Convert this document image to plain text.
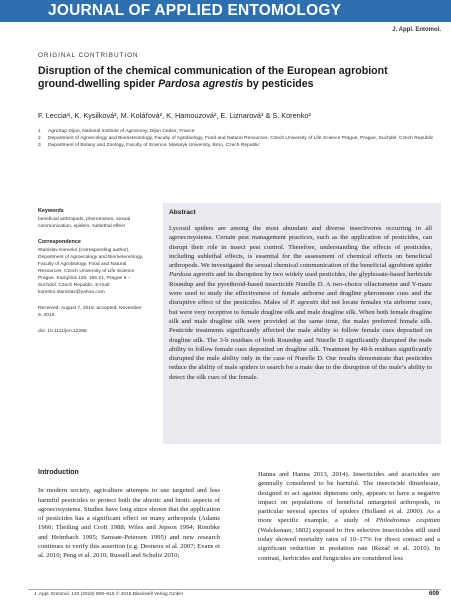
JOURNAL OF APPLIED ENTOMOLOGY
J. Appl. Entomol.
ORIGINAL CONTRIBUTION
Disruption of the chemical communication of the European agrobiont ground-dwelling spider Pardosa agrestis by pesticides
F. Leccia¹ʲ, K. Kysilková², M. Kolářová², K. Hamouzová², E. Liznarová³ & S. Korenko²
1	AgroSup Dijon, National Institute of Agronomy, Dijon Cedex, France
2	Department of Agroecology and Biometeorology, Faculty of Agrobiology, Food and Natural Resources, Czech University of Life Science Prague, Prague, Suchdol, Czech Republic
3	Department of Botany and Zoology, Faculty of Science, Masaryk University, Brno, Czech Republic
Keywords
beneficial arthropods, pheromones, sexual communication, spiders, sublethal effect
Correspondence
Stanislav Korenko (corresponding author), Department of Agroecology and Biometeorology, Faculty of Agrobiology, Food and Natural Resources, Czech University of Life Science Prague, Kamýcká 129, 165 21, Prague 6 – Suchdol, Czech Republic. E-mail: korenko.stanislav@yahoo.com
Received: August 7, 2015; accepted: November 9, 2015.
doi: 10.1111/jen.12288
Abstract
Lycosid spiders are among the most abundant and diverse insectivores occurring in all agroecosystems. Certain pest management practices, such as the application of pesticides, can disrupt their role in insect pest control. Therefore, understanding the effects of pesticides, including sublethal effects, is essential for the assessment of chemical effects on beneficial arthropods. We investigated the sexual chemical communication of the beneficial agrobiont spider Pardosa agrestis and its disruption by two widely used pesticides, the glyphosate-based herbicide Roundup and the pyrethroid-based insecticide Nurelle D. A two-choice olfactometer and Y-maze were used to study the effectiveness of female airborne and dragline pheromone cues and the disruptive effect of the pesticides. Males of P. agrestis did not locate females via airborne cues, but were very receptive to female dragline silk and male dragline silk. When both female dragline silk and male dragline silk were provided at the same time, the males preferred female silk. Pesticide treatments significantly affected the male ability to follow female cues deposited on dragline silk. The 3-h residues of both Roundup and Nurelle D significantly disrupted the male ability to follow female cues deposited on dragline silk. Treatment by 48-h residues significantly disrupted the male ability only in the case of Nurelle D. Our results demonstrate that pesticides reduce the ability of male spiders to search for a mate due to the disruption of the male’s ability to detect the silk cues of the female.
Introduction
In modern society, agriculture attempts to use targeted and less harmful pesticides to protect both the abiotic and biotic aspects of agroecosystems. Studies have long since shown that the application of pesticides has a significant effect on many arthropods (Adams 1960; Theiling and Croft 1988; Wiles and Jepson 1994; Römbke and Heimbach 1995; Samsøe-Petersen 1995) and new research continues to verify this assertion (e.g. Desneux et al. 2007; Evans et al. 2010; Peng et al. 2010; Russell and Schultz 2010;
Hanna and Hanna 2013, 2014). Insecticides and acaricides are generally considered to be harmful. The insecticide dimethoate, designed to act against dipterans only, appears to have a negative impact on populations of beneficial untargeted arthropods, in particular several species of spiders (Holland et al. 2000). As a more specific example, a study of Philodromus cespitum (Walckenaer, 1802) exposed to five selective insecticides still used today showed mortality rates of 10–17% for direct contact and a significant reduction in predation rate (Rezáč et al. 2010). In contrast, herbicides and fungicides are considered less
J. Appl. Entomol. 140 (2016) 609–616 © 2015 Blackwell Verlag GmbH	609
